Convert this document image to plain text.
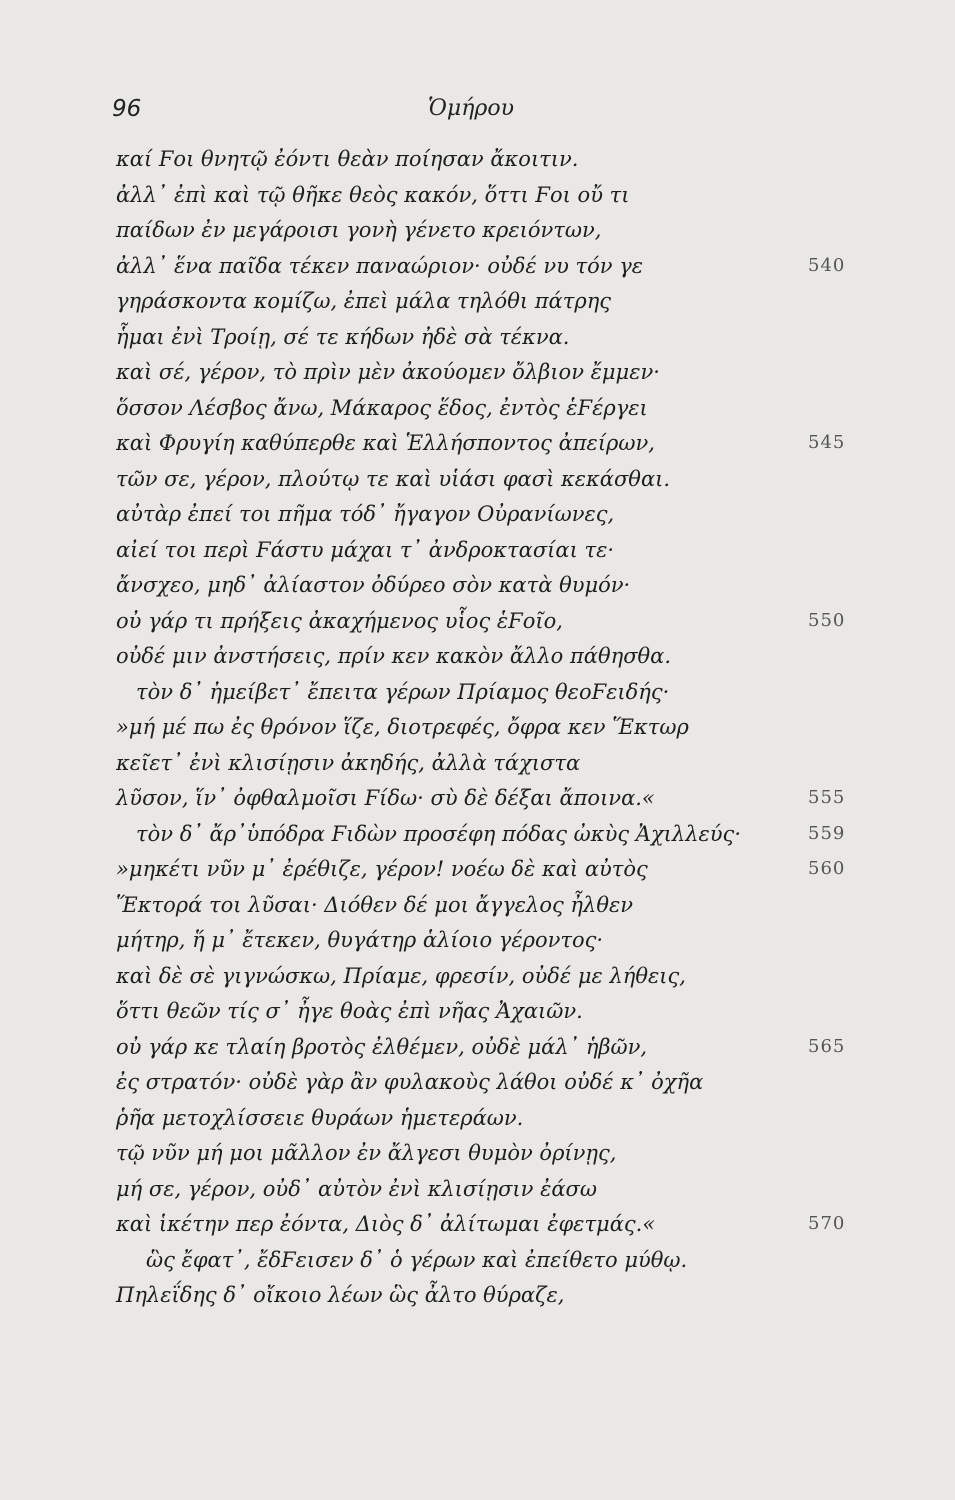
96	Ὁμήρου
καί Ϝοι θνητῷ ἐόντι θεὰν ποίησαν ἄκοιτιν.
ἀλλ᾽ ἐπὶ καὶ τῷ θῆκε θεὸς κακόν, ὅττι Ϝοι οὔ τι
παίδων ἐν μεγάροισι γονὴ γένετο κρειόντων,
ἀλλ᾽ ἕνα παῖδα τέκεν παναώριον· οὐδέ νυ τόν γε	540
γηράσκοντα κομίζω, ἐπεὶ μάλα τηλόθι πάτρης
ἧμαι ἐνὶ Τροίῃ, σέ τε κήδων ἠδὲ σὰ τέκνα.
καὶ σέ, γέρον, τὸ πρὶν μὲν ἀκούομεν ὄλβιον ἔμμεν·
ὅσσον Λέσβος ἄνω, Μάκαρος ἕδος, ἐντὸς ἑϜέργει
καὶ Φρυγίη καθύπερθε καὶ Ἑλλήσποντος ἀπείρων,	545
τῶν σε, γέρον, πλούτῳ τε καὶ υἱάσι φασὶ κεκάσθαι.
αὐτὰρ ἐπεί τοι πῆμα τόδ᾽ ἤγαγον Οὐρανίωνες,
αἰεί τοι περὶ Ϝάστυ μάχαι τ᾽ ἀνδροκτασίαι τε·
ἄνσχεο, μηδ᾽ ἀλίαστον ὀδύρεο σὸν κατὰ θυμόν·
οὐ γάρ τι πρήξεις ἀκαχήμενος υἷος ἑϜοῖο,	550
οὐδέ μιν ἀνστήσεις, πρίν κεν κακὸν ἄλλο πάθησθα.
τὸν δ᾽ ἠμείβετ᾽ ἔπειτα γέρων Πρίαμος θεοϜειδής·
»μή μέ πω ἐς θρόνον ἵζε, διοτρεφές, ὄφρα κεν Ἕκτωρ
κεῖετ᾽ ἐνὶ κλισίῃσιν ἀκηδής, ἀλλὰ τάχιστα
λῦσον, ἵν᾽ ὀφθαλμοῖσι Ϝίδω· σὺ δὲ δέξαι ἄποινα.«	555
τὸν δ᾽ ἄρ᾽ὑπόδρα Ϝιδὼν προσέφη πόδας ὠκὺς Ἀχιλλεύς·	559
»μηκέτι νῦν μ᾽ ἐρέθιζε, γέρον! νοέω δὲ καὶ αὐτὸς	560
Ἕκτορά τοι λῦσαι· Διόθεν δέ μοι ἄγγελος ἦλθεν
μήτηρ, ἥ μ᾽ ἔτεκεν, θυγάτηρ ἁλίοιο γέροντος·
καὶ δὲ σὲ γιγνώσκω, Πρίαμε, φρεσίν, οὐδέ με λήθεις,
ὅττι θεῶν τίς σ᾽ ἦγε θοὰς ἐπὶ νῆας Ἀχαιῶν.
οὐ γάρ κε τλαίη βροτὸς ἐλθέμεν, οὐδὲ μάλ᾽ ἡβῶν,	565
ἐς στρατόν· οὐδὲ γὰρ ἂν φυλακοὺς λάθοι οὐδέ κ᾽ ὀχῆα
ῥῆα μετοχλίσσειε θυράων ἡμετεράων.
τῷ νῦν μή μοι μᾶλλον ἐν ἄλγεσι θυμὸν ὀρίνῃς,
μή σε, γέρον, οὐδ᾽ αὐτὸν ἐνὶ κλισίῃσιν ἐάσω
καὶ ἱκέτην περ ἐόντα, Διὸς δ᾽ ἀλίτωμαι ἐφετμάς.«	570
ὣς ἔφατ᾽, ἔδϜεισεν δ᾽ ὁ γέρων καὶ ἐπείθετο μύθῳ.
Πηλεΐδης δ᾽ οἴκοιο λέων ὣς ἆλτο θύραζε,
